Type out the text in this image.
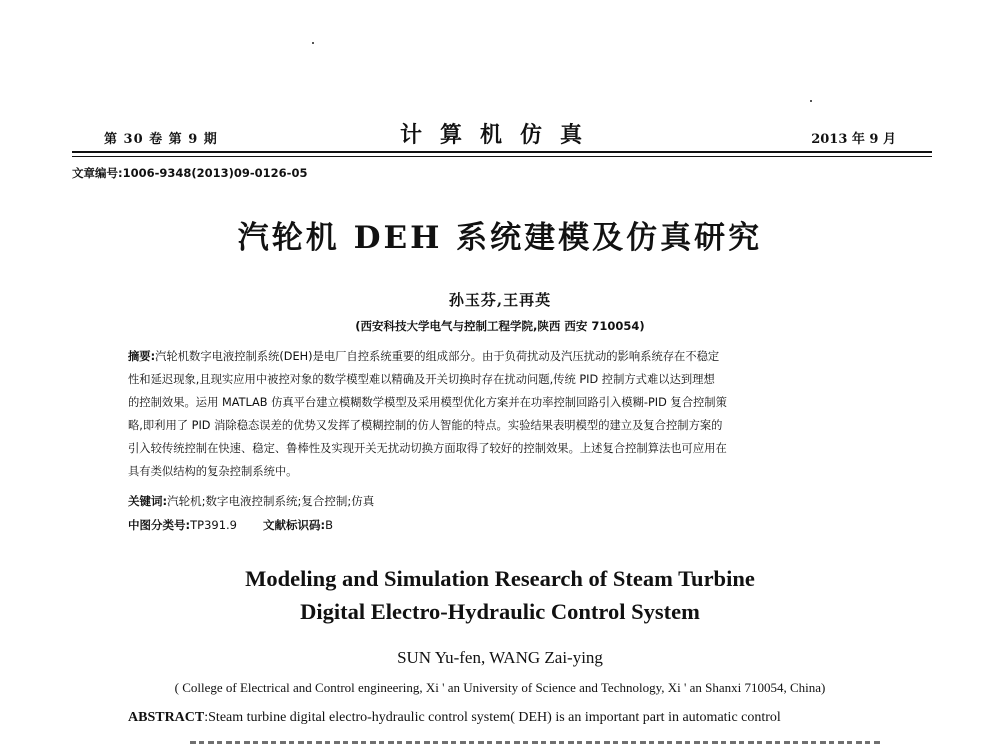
第 30 卷 第 9 期	计算机仿真	2013 年 9 月
文章编号:1006-9348(2013)09-0126-05
汽轮机 DEH 系统建模及仿真研究
孙玉芬,王再英
(西安科技大学电气与控制工程学院,陕西 西安 710054)
摘要:汽轮机数字电液控制系统(DEH)是电厂自控系统重要的组成部分。由于负荷扰动及汽压扰动的影响系统存在不稳定
性和延迟现象,且现实应用中被控对象的数学模型难以精确及开关切换时存在扰动问题,传统 PID 控制方式难以达到理想
的控制效果。运用 MATLAB 仿真平台建立模糊数学模型及采用模型优化方案并在功率控制回路引入模糊-PID 复合控制策
略,即利用了 PID 消除稳态误差的优势又发挥了模糊控制的仿人智能的特点。实验结果表明模型的建立及复合控制方案的
引入较传统控制在快速、稳定、鲁棒性及实现开关无扰动切换方面取得了较好的控制效果。上述复合控制算法也可应用在
具有类似结构的复杂控制系统中。
关键词:汽轮机;数字电液控制系统;复合控制;仿真
中图分类号:TP391.9 文献标识码:B
Modeling and Simulation Research of Steam Turbine
Digital Electro-Hydraulic Control System
SUN Yu-fen, WANG Zai-ying
( College of Electrical and Control engineering, Xi ' an University of Science and Technology, Xi ' an Shanxi 710054, China)
ABSTRACT:Steam turbine digital electro-hydraulic control system( DEH) is an important part in automatic control
